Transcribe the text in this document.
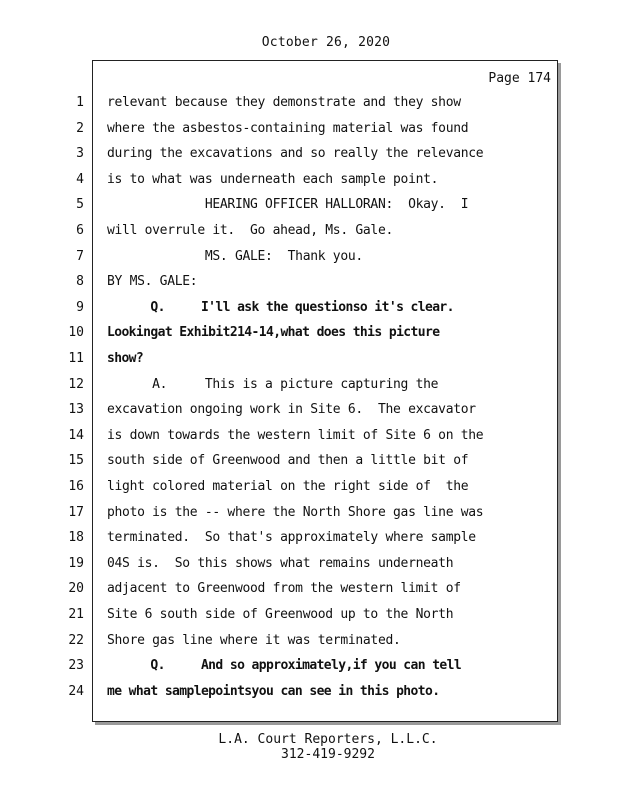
October 26, 2020
Page 174
1 relevant because they demonstrate and they show
2 where the asbestos-containing material was found
3 during the excavations and so really the relevance
4 is to what was underneath each sample point.
5 HEARING OFFICER HALLORAN:  Okay.  I
6 will overrule it.  Go ahead, Ms. Gale.
7 MS. GALE:  Thank you.
8 BY MS. GALE:
9 Q.     I'll ask the questionso it's clear.
10 Lookingat Exhibit214-14,what does this picture
11 show?
12 A.     This is a picture capturing the
13 excavation ongoing work in Site 6.  The excavator
14 is down towards the western limit of Site 6 on the
15 south side of Greenwood and then a little bit of
16 light colored material on the right side of  the
17 photo is the -- where the North Shore gas line was
18 terminated.  So that's approximately where sample
19 04S is.  So this shows what remains underneath
20 adjacent to Greenwood from the western limit of
21 Site 6 south side of Greenwood up to the North
22 Shore gas line where it was terminated.
23 Q.     And so approximately,if you can tell
24 me what samplepointsyou can see in this photo.
L.A. Court Reporters, L.L.C.
312-419-9292
